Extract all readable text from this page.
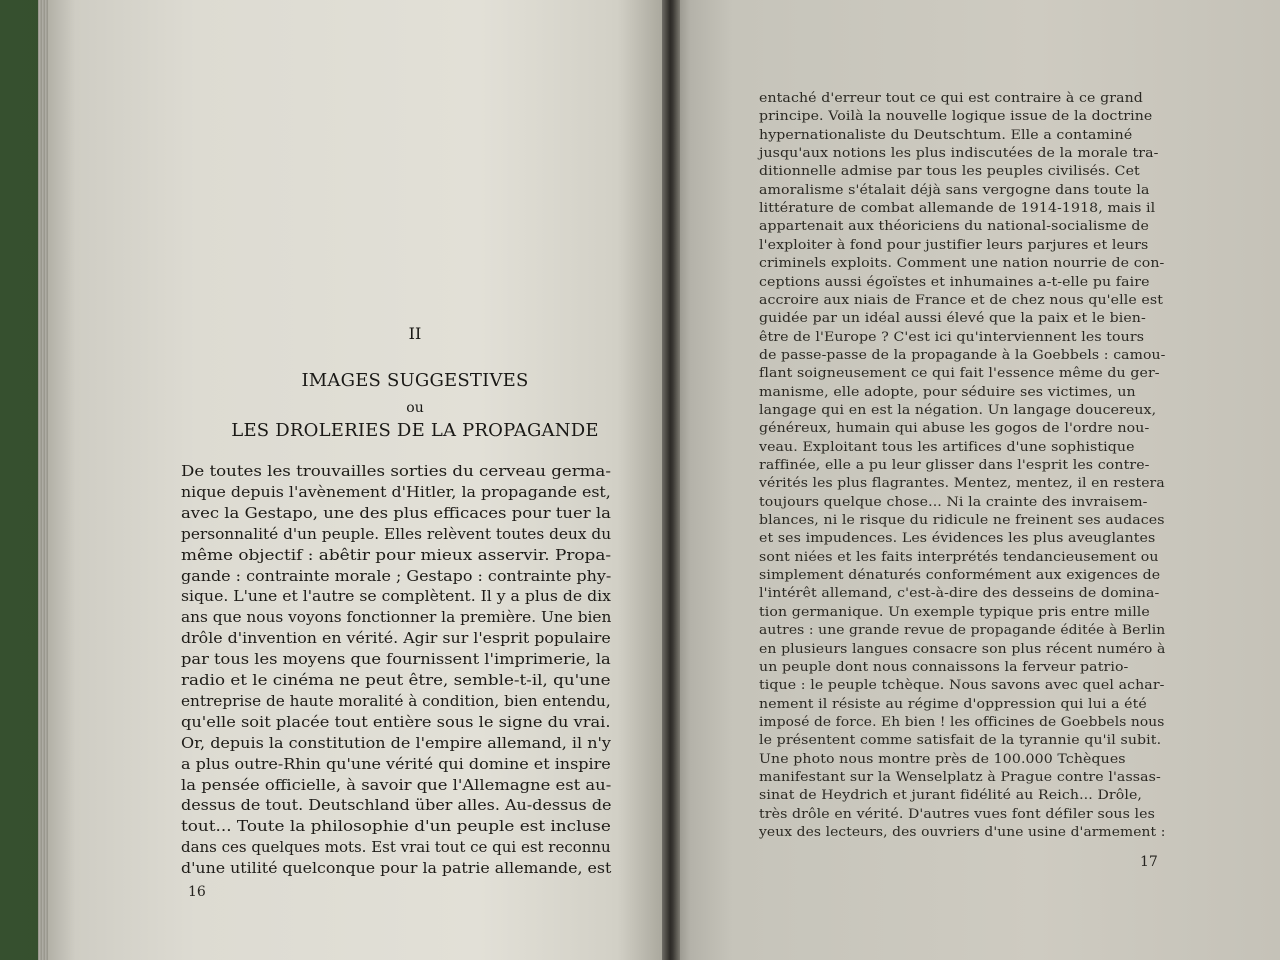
II
IMAGES SUGGESTIVES
ou
LES DROLERIES DE LA PROPAGANDE
De toutes les trouvailles sorties du cerveau germa-
nique depuis l'avènement d'Hitler, la propagande est,
avec la Gestapo, une des plus efficaces pour tuer la
personnalité d'un peuple. Elles relèvent toutes deux du
même objectif : abêtir pour mieux asservir. Propa-
gande : contrainte morale ; Gestapo : contrainte phy-
sique. L'une et l'autre se complètent. Il y a plus de dix
ans que nous voyons fonctionner la première. Une bien
drôle d'invention en vérité. Agir sur l'esprit populaire
par tous les moyens que fournissent l'imprimerie, la
radio et le cinéma ne peut être, semble-t-il, qu'une
entreprise de haute moralité à condition, bien entendu,
qu'elle soit placée tout entière sous le signe du vrai.
Or, depuis la constitution de l'empire allemand, il n'y
a plus outre-Rhin qu'une vérité qui domine et inspire
la pensée officielle, à savoir que l'Allemagne est au-
dessus de tout. Deutschland über alles. Au-dessus de
tout... Toute la philosophie d'un peuple est incluse
dans ces quelques mots. Est vrai tout ce qui est reconnu
d'une utilité quelconque pour la patrie allemande, est
entaché d'erreur tout ce qui est contraire à ce grand
principe. Voilà la nouvelle logique issue de la doctrine
hypernationaliste du Deutschtum. Elle a contaminé
jusqu'aux notions les plus indiscutées de la morale tra-
ditionnelle admise par tous les peuples civilisés. Cet
amoralisme s'étalait déjà sans vergogne dans toute la
littérature de combat allemande de 1914-1918, mais il
appartenait aux théoriciens du national-socialisme de
l'exploiter à fond pour justifier leurs parjures et leurs
criminels exploits. Comment une nation nourrie de con-
ceptions aussi égoïstes et inhumaines a-t-elle pu faire
accroire aux niais de France et de chez nous qu'elle est
guidée par un idéal aussi élevé que la paix et le bien-
être de l'Europe ? C'est ici qu'interviennent les tours
de passe-passe de la propagande à la Goebbels : camou-
flant soigneusement ce qui fait l'essence même du ger-
manisme, elle adopte, pour séduire ses victimes, un
langage qui en est la négation. Un langage doucereux,
généreux, humain qui abuse les gogos de l'ordre nou-
veau. Exploitant tous les artifices d'une sophistique
raffinée, elle a pu leur glisser dans l'esprit les contre-
vérités les plus flagrantes. Mentez, mentez, il en restera
toujours quelque chose... Ni la crainte des invraisem-
blances, ni le risque du ridicule ne freinent ses audaces
et ses impudences. Les évidences les plus aveuglantes
sont niées et les faits interprétés tendancieusement ou
simplement dénaturés conformément aux exigences de
l'intérêt allemand, c'est-à-dire des desseins de domina-
tion germanique. Un exemple typique pris entre mille
autres : une grande revue de propagande éditée à Berlin
en plusieurs langues consacre son plus récent numéro à
un peuple dont nous connaissons la ferveur patrio-
tique : le peuple tchèque. Nous savons avec quel achar-
nement il résiste au régime d'oppression qui lui a été
imposé de force. Eh bien ! les officines de Goebbels nous
le présentent comme satisfait de la tyrannie qu'il subit.
Une photo nous montre près de 100.000 Tchèques
manifestant sur la Wenselplatz à Prague contre l'assas-
sinat de Heydrich et jurant fidélité au Reich... Drôle,
très drôle en vérité. D'autres vues font défiler sous les
yeux des lecteurs, des ouvriers d'une usine d'armement :
16
17
